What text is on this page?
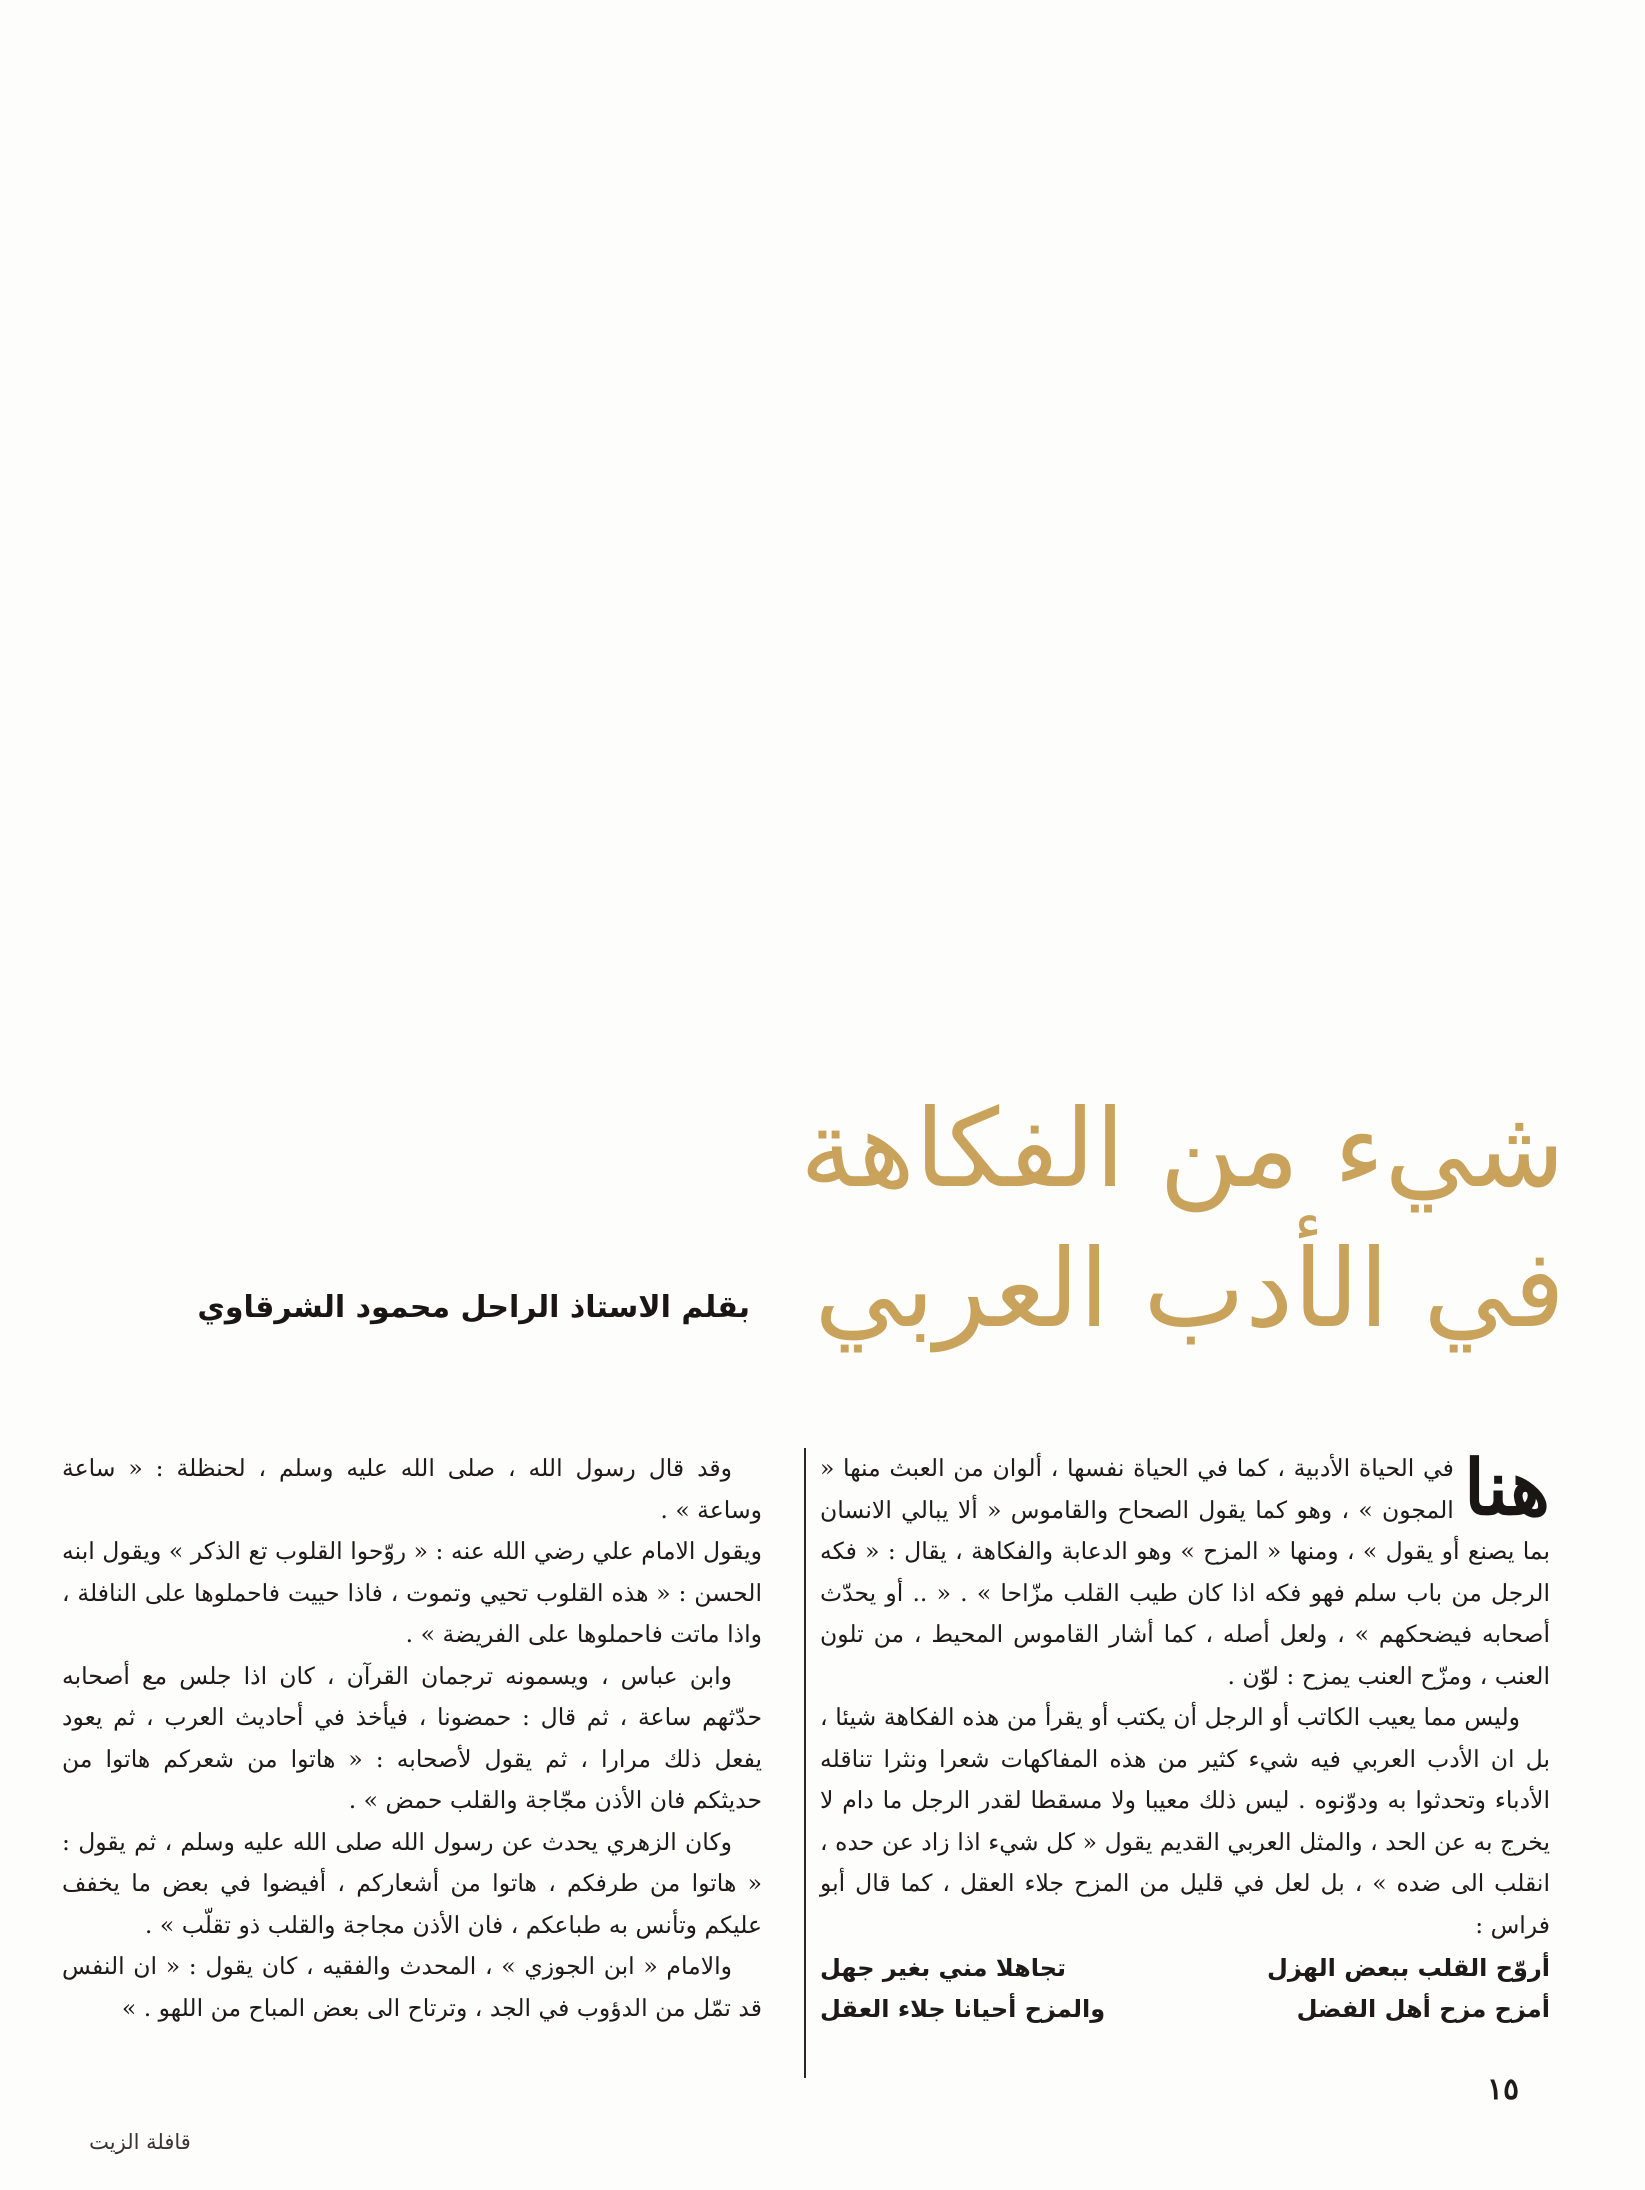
شيء من الفكاهة
في الأدب العربي
بقلم الاستاذ الراحل محمود الشرقاوي

هنا
في الحياة الأدبية ، كما في الحياة نفسها ، ألوان من العبث منها « المجون » ، وهو كما يقول الصحاح والقاموس « ألا يبالي الانسان بما يصنع أو يقول » ، ومنها « المزح » وهو الدعابة والفكاهة ، يقال : « فكه الرجل من باب سلم فهو فكه اذا كان طيب القلب مزّاحا » . « .. أو يحدّث أصحابه فيضحكهم » ، ولعل أصله ، كما أشار القاموس المحيط ، من تلون العنب ، ومزّح العنب يمزح : لوّن .

وليس مما يعيب الكاتب أو الرجل أن يكتب أو يقرأ من هذه الفكاهة شيئا ، بل ان الأدب العربي فيه شيء كثير من هذه المفاكهات شعرا ونثرا تناقله الأدباء وتحدثوا به ودوّنوه . ليس ذلك معيبا ولا مسقطا لقدر الرجل ما دام لا يخرج به عن الحد ، والمثل العربي القديم يقول « كل شيء اذا زاد عن حده ، انقلب الى ضده » ، بل لعل في قليل من المزح جلاء العقل ، كما قال أبو فراس :

أروّح القلب ببعض الهزل
تجاهلا مني بغير جهل
أمزح مزح أهل الفضل
والمزح أحيانا جلاء العقل

وقد قال رسول الله ، صلى الله عليه وسلم ، لحنظلة : « ساعة وساعة » .

ويقول الامام علي رضي الله عنه : « روّحوا القلوب تع الذكر » ويقول ابنه الحسن : « هذه القلوب تحيي وتموت ، فاذا حييت فاحملوها على النافلة ، واذا ماتت فاحملوها على الفريضة » .

وابن عباس ، ويسمونه ترجمان القرآن ، كان اذا جلس مع أصحابه حدّثهم ساعة ، ثم قال : حمضونا ، فيأخذ في أحاديث العرب ، ثم يعود يفعل ذلك مرارا ، ثم يقول لأصحابه : « هاتوا من شعركم هاتوا من حديثكم فان الأذن مجّاجة والقلب حمض » .

وكان الزهري يحدث عن رسول الله صلى الله عليه وسلم ، ثم يقول : « هاتوا من طرفكم ، هاتوا من أشعاركم ، أفيضوا في بعض ما يخفف عليكم وتأنس به طباعكم ، فان الأذن مجاجة والقلب ذو تقلّب » .

والامام « ابن الجوزي » ، المحدث والفقيه ، كان يقول : « ان النفس قد تمّل من الدؤوب في الجد ، وترتاح الى بعض المباح من اللهو . »

١٥
قافلة الزيت
